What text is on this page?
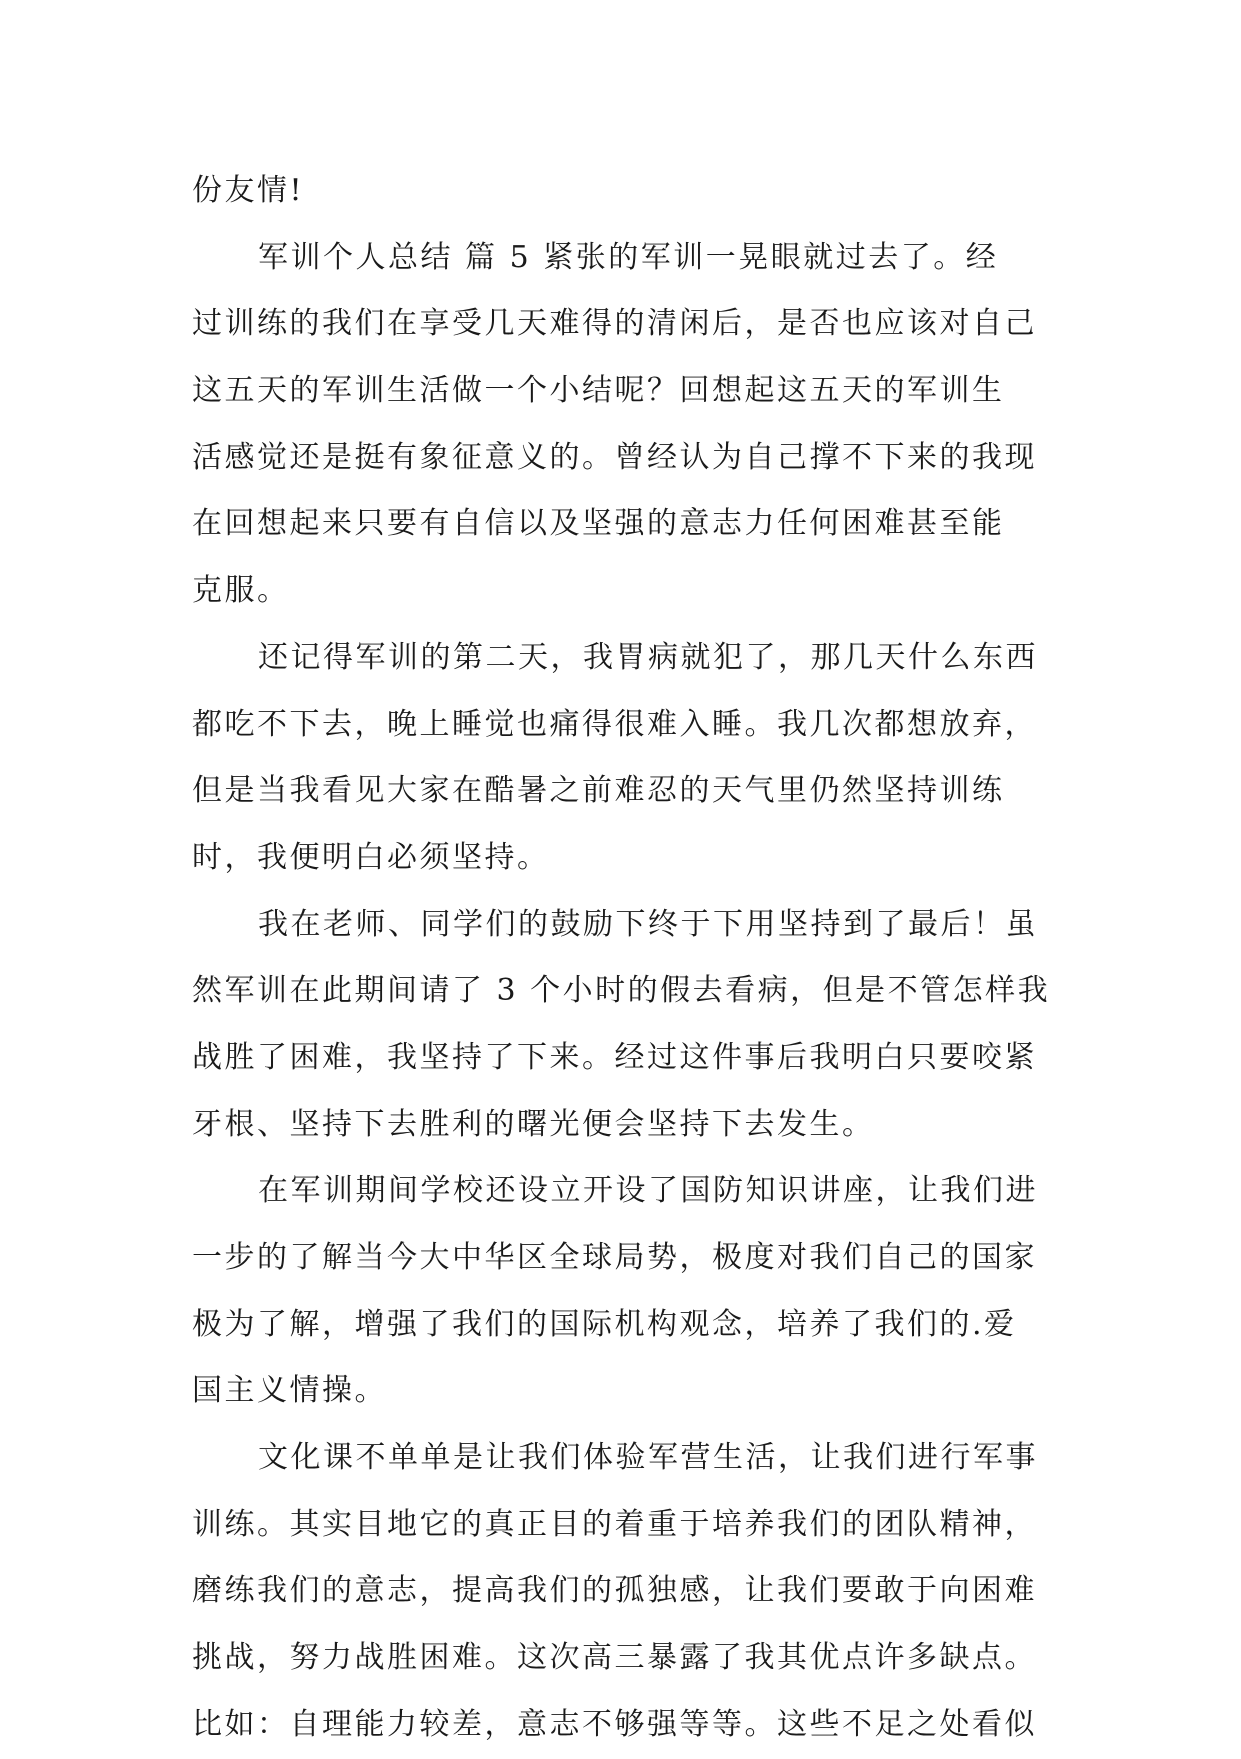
份友情!
军训个人总结 篇 5 紧张的军训一晃眼就过去了。经
过训练的我们在享受几天难得的清闲后，是否也应该对自己
这五天的军训生活做一个小结呢？回想起这五天的军训生
活感觉还是挺有象征意义的。曾经认为自己撑不下来的我现
在回想起来只要有自信以及坚强的意志力任何困难甚至能
克服。
还记得军训的第二天，我胃病就犯了，那几天什么东西
都吃不下去，晚上睡觉也痛得很难入睡。我几次都想放弃，
但是当我看见大家在酷暑之前难忍的天气里仍然坚持训练
时，我便明白必须坚持。
我在老师、同学们的鼓励下终于下用坚持到了最后！虽
然军训在此期间请了 3 个小时的假去看病，但是不管怎样我
战胜了困难，我坚持了下来。经过这件事后我明白只要咬紧
牙根、坚持下去胜利的曙光便会坚持下去发生。
在军训期间学校还设立开设了国防知识讲座，让我们进
一步的了解当今大中华区全球局势，极度对我们自己的国家
极为了解，增强了我们的国际机构观念，培养了我们的.爱
国主义情操。
文化课不单单是让我们体验军营生活，让我们进行军事
训练。其实目地它的真正目的着重于培养我们的团队精神，
磨练我们的意志，提高我们的孤独感，让我们要敢于向困难
挑战，努力战胜困难。这次高三暴露了我其优点许多缺点。
比如：自理能力较差，意志不够强等等。这些不足之处看似
